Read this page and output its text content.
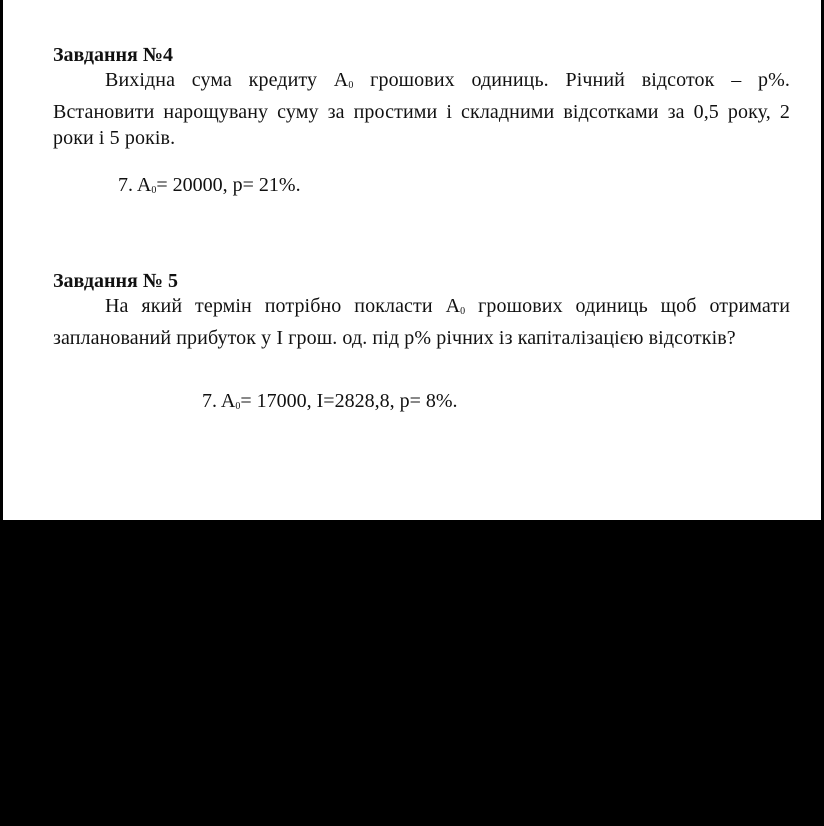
Завдання №4

Вихідна сума кредиту $A_0$ грошових одиниць. Річний відсоток – p%. Встановити нарощувану суму за простими і складними відсотками за 0,5 року, 2 роки і 5 років.

7. $A_0= 20000$, p= 21%.

Завдання № 5

На який термін потрібно покласти $A_0$ грошових одиниць щоб отримати запланований прибуток у I грош. од. під p% річних із капіталізацією відсотків?

7. $A_0= 17000$, I=2828,8, p= 8%.
